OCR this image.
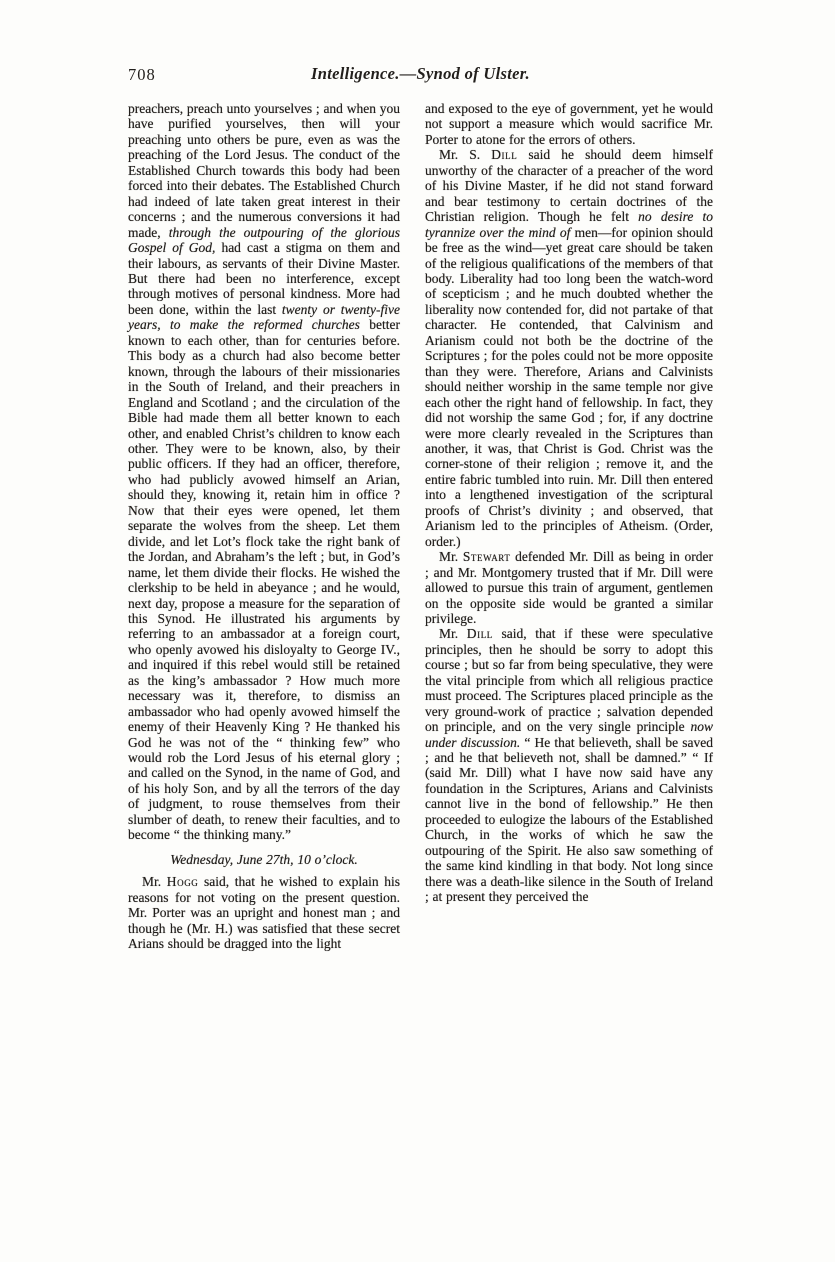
708	Intelligence.—Synod of Ulster.

preachers, preach unto yourselves ; and when you have purified yourselves, then will your preaching unto others be pure, even as was the preaching of the Lord Jesus. The conduct of the Established Church towards this body had been forced into their debates. The Established Church had indeed of late taken great interest in their concerns ; and the numerous conversions it had made, through the outpouring of the glorious Gospel of God, had cast a stigma on them and their labours, as servants of their Divine Master. But there had been no interference, except through motives of personal kindness. More had been done, within the last twenty or twenty-five years, to make the reformed churches better known to each other, than for centuries before. This body as a church had also become better known, through the labours of their missionaries in the South of Ireland, and their preachers in England and Scotland ; and the circulation of the Bible had made them all better known to each other, and enabled Christ’s children to know each other. They were to be known, also, by their public officers. If they had an officer, therefore, who had publicly avowed himself an Arian, should they, knowing it, retain him in office ? Now that their eyes were opened, let them separate the wolves from the sheep. Let them divide, and let Lot’s flock take the right bank of the Jordan, and Abraham’s the left ; but, in God’s name, let them divide their flocks. He wished the clerkship to be held in abeyance ; and he would, next day, propose a measure for the separation of this Synod. He illustrated his arguments by referring to an ambassador at a foreign court, who openly avowed his disloyalty to George IV., and inquired if this rebel would still be retained as the king’s ambassador ? How much more necessary was it, therefore, to dismiss an ambassador who had openly avowed himself the enemy of their Heavenly King ? He thanked his God he was not of the “ thinking few” who would rob the Lord Jesus of his eternal glory ; and called on the Synod, in the name of God, and of his holy Son, and by all the terrors of the day of judgment, to rouse themselves from their slumber of death, to renew their faculties, and to become “ the thinking many.”

Wednesday, June 27th, 10 o’clock.

Mr. Hogg said, that he wished to explain his reasons for not voting on the present question. Mr. Porter was an upright and honest man ; and though he (Mr. H.) was satisfied that these secret Arians should be dragged into the light

and exposed to the eye of government, yet he would not support a measure which would sacrifice Mr. Porter to atone for the errors of others.

Mr. S. Dill said he should deem himself unworthy of the character of a preacher of the word of his Divine Master, if he did not stand forward and bear testimony to certain doctrines of the Christian religion. Though he felt no desire to tyrannize over the mind of men—for opinion should be free as the wind—yet great care should be taken of the religious qualifications of the members of that body. Liberality had too long been the watch-word of scepticism ; and he much doubted whether the liberality now contended for, did not partake of that character. He contended, that Calvinism and Arianism could not both be the doctrine of the Scriptures ; for the poles could not be more opposite than they were. Therefore, Arians and Calvinists should neither worship in the same temple nor give each other the right hand of fellowship. In fact, they did not worship the same God ; for, if any doctrine were more clearly revealed in the Scriptures than another, it was, that Christ is God. Christ was the corner-stone of their religion ; remove it, and the entire fabric tumbled into ruin. Mr. Dill then entered into a lengthened investigation of the scriptural proofs of Christ’s divinity ; and observed, that Arianism led to the principles of Atheism. (Order, order.)

Mr. Stewart defended Mr. Dill as being in order ; and Mr. Montgomery trusted that if Mr. Dill were allowed to pursue this train of argument, gentlemen on the opposite side would be granted a similar privilege.

Mr. Dill said, that if these were speculative principles, then he should be sorry to adopt this course ; but so far from being speculative, they were the vital principle from which all religious practice must proceed. The Scriptures placed principle as the very ground-work of practice ; salvation depended on principle, and on the very single principle now under discussion. “ He that believeth, shall be saved ; and he that believeth not, shall be damned.” “ If (said Mr. Dill) what I have now said have any foundation in the Scriptures, Arians and Calvinists cannot live in the bond of fellowship.” He then proceeded to eulogize the labours of the Established Church, in the works of which he saw the outpouring of the Spirit. He also saw something of the same kind kindling in that body. Not long since there was a death-like silence in the South of Ireland ; at present they perceived the
